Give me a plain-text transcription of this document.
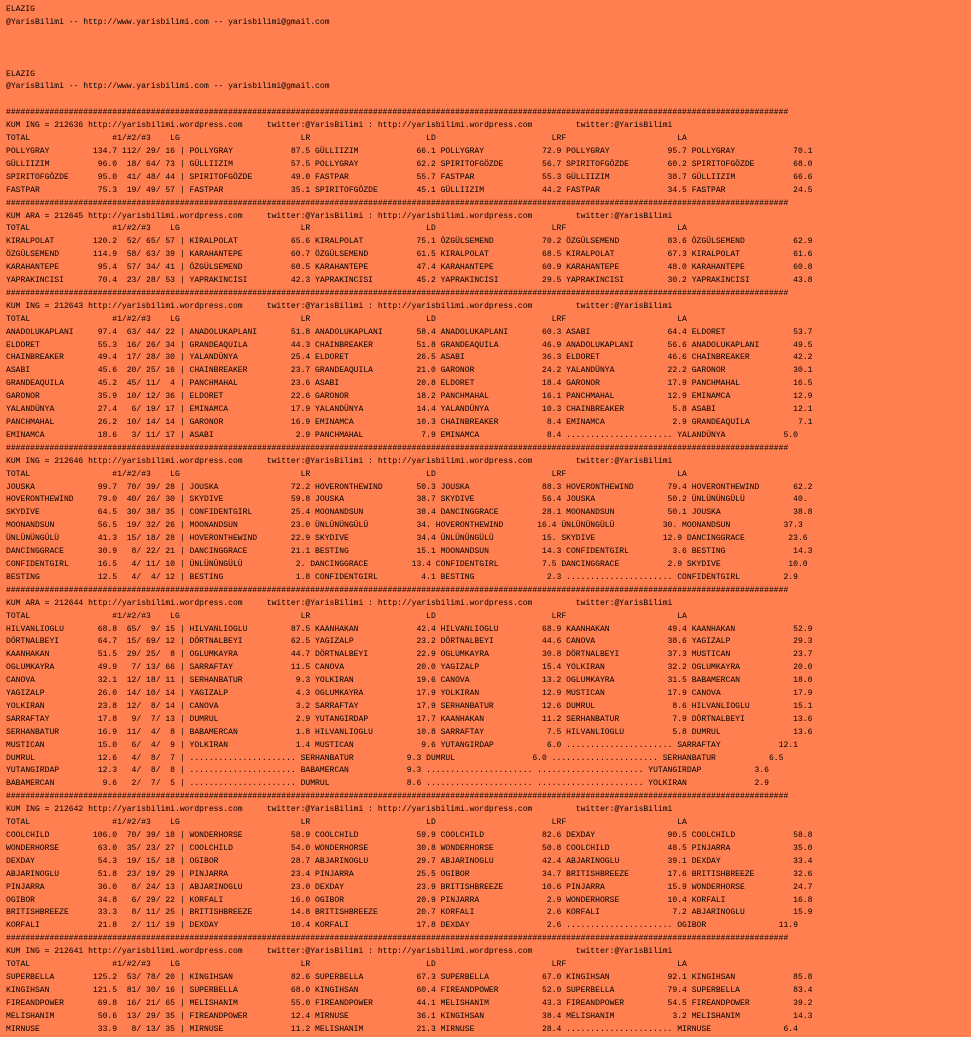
ELAZIG
@YarisBilimi -- http://www.yarisbilimi.com -- yarisbilimi@gmail.com
ELAZIG
@YarisBilimi -- http://www.yarisbilimi.com -- yarisbilimi@gmail.com
##################################################################################################################################################################
KUM ING = 212636 http://yarisbilimi.wordpress.com     twitter:@YarisBilimi : http://yarisbilimi.wordpress.com         twitter:@YarisBilimi
TOTAL                 #1/#2/#3    LG                         LR                        LD                        LRF                       LA
POLLYGRAY         134.7 112/ 29/ 16 | POLLYGRAY            87.5 GÜLLIIZIM            66.1 POLLYGRAY            72.9 POLLYGRAY            95.7 POLLYGRAY            70.1
GÜLLIIZIM          96.0  18/ 64/ 73 | GÜLLIIZIM            57.5 POLLYGRAY            62.2 SPIRITOFGÖZDE        56.7 SPIRITOFGÖZDE        60.2 SPIRITOFGÖZDE        68.0
SPIRITOFGÖZDE      95.0  41/ 48/ 44 | SPIRITOFGÖZDE        49.0 FASTPAR              55.7 FASTPAR              55.3 GÜLLIIZIM            38.7 GÜLLIIZIM            66.6
FASTPAR            75.3  19/ 49/ 57 | FASTPAR              35.1 SPIRITOFGÖZDE        45.1 GÜLLIIZIM            44.2 FASTPAR              34.5 FASTPAR              24.5
##################################################################################################################################################################
KUM ARA = 212645 http://yarisbilimi.wordpress.com     twitter:@YarisBilimi : http://yarisbilimi.wordpress.com         twitter:@YarisBilimi
TOTAL                 #1/#2/#3    LG                         LR                        LD                        LRF                       LA
KIRALPOLAT        120.2  52/ 65/ 57 | KIRALPOLAT           65.6 KIRALPOLAT           75.1 ÖZGÜLSEMEND          70.2 ÖZGÜLSEMEND          83.6 ÖZGÜLSEMEND          62.9
ÖZGÜLSEMEND       114.9  58/ 63/ 39 | KARAHANTEPE          60.7 ÖZGÜLSEMEND          61.5 KIRALPOLAT           68.5 KIRALPOLAT           67.3 KIRALPOLAT           61.6
KARAHANTEPE        95.4  57/ 34/ 41 | ÖZGÜLSEMEND          60.5 KARAHANTEPE          47.4 KARAHANTEPE          60.9 KARAHANTEPE          48.0 KARAHANTEPE          60.8
YAPRAKINCISI       70.4  23/ 28/ 53 | YAPRAKINCISI         42.3 YAPRAKINCISI         45.2 YAPRAKINCISI         29.5 YAPRAKINCISI         30.2 YAPRAKINCISI         43.8
##################################################################################################################################################################
KUM ING = 212643 http://yarisbilimi.wordpress.com     twitter:@YarisBilimi : http://yarisbilimi.wordpress.com         twitter:@YarisBilimi
TOTAL                 #1/#2/#3    LG                         LR                        LD                        LRF                       LA
ANADOLUKAPLANI     97.4  63/ 44/ 22 | ANADOLUKAPLANI       51.8 ANADOLUKAPLANI       58.4 ANADOLUKAPLANI       60.3 ASABI                64.4 ELDORET              53.7
ELDORET            55.3  16/ 26/ 34 | GRANDEAQUILA         44.3 CHAINBREAKER         51.8 GRANDEAQUILA         46.9 ANADOLUKAPLANI       56.6 ANADOLUKAPLANI       49.5
CHAINBREAKER       49.4  17/ 28/ 30 | YALANDÜNYA           25.4 ELDORET              26.5 ASABI                36.3 ELDORET              46.6 CHAINBREAKER         42.2
ASABI              45.6  20/ 25/ 16 | CHAINBREAKER         23.7 GRANDEAQUILA         21.0 GARONOR              24.2 YALANDÜNYA           22.2 GARONOR              30.1
GRANDEAQUILA       45.2  45/ 11/  4 | PANCHMAHAL           23.6 ASABI                20.8 ELDORET              18.4 GARONOR              17.9 PANCHMAHAL           16.5
GARONOR            35.9  10/ 12/ 36 | ELDORET              22.6 GARONOR              18.2 PANCHMAHAL           16.1 PANCHMAHAL           12.9 EMINAMCA             12.9
YALANDÜNYA         27.4   6/ 19/ 17 | EMINAMCA             17.9 YALANDÜNYA           14.4 YALANDÜNYA           10.3 CHAINBREAKER          5.8 ASABI                12.1
PANCHMAHAL         26.2  10/ 14/ 14 | GARONOR              16.9 EMINAMCA             10.3 CHAINBREAKER          8.4 EMINAMCA              2.9 GRANDEAQUILA          7.1
EMINAMCA           18.6   3/ 11/ 17 | ASABI                 2.9 PANCHMAHAL            7.9 EMINAMCA              8.4 ...................... YALANDÜNYA            5.0
##################################################################################################################################################################
KUM ING = 212646 http://yarisbilimi.wordpress.com     twitter:@YarisBilimi : http://yarisbilimi.wordpress.com         twitter:@YarisBilimi
TOTAL                 #1/#2/#3    LG                         LR                        LD                        LRF                       LA
JOUSKA             99.7  70/ 39/ 28 | JOUSKA               72.2 HOVERONTHEWIND       50.3 JOUSKA               88.3 HOVERONTHEWIND       79.4 HOVERONTHEWIND       62.2
HOVERONTHEWIND     79.0  40/ 26/ 30 | SKYDIVE              59.8 JOUSKA               38.7 SKYDIVE              56.4 JOUSKA               50.2 ÜNLÜNÜNGÜLÜ          40.
SKYDIVE            64.5  30/ 38/ 35 | CONFIDENTGIRL        25.4 MOONANDSUN           38.4 DANCINGGRACE         28.1 MOONANDSUN           50.1 JOUSKA               38.8
MOONANDSUN         56.5  19/ 32/ 26 | MOONANDSUN           23.0 ÜNLÜNÜNGÜLÜ          34. HOVERONTHEWIND       16.4 ÜNLÜNÜNGÜLÜ          30. MOONANDSUN           37.3
ÜNLÜNÜNGÜLÜ        41.3  15/ 18/ 28 | HOVERONTHEWIND       22.9 SKYDIVE              34.4 ÜNLÜNÜNGÜLÜ          15. SKYDIVE              12.9 DANCINGGRACE         23.6
DANCINGGRACE       30.9   8/ 22/ 21 | DANCINGGRACE         21.1 BESTING              15.1 MOONANDSUN           14.3 CONFIDENTGIRL         3.6 BESTING              14.3
CONFIDENTGIRL      16.5   4/ 11/ 10 | ÜNLÜNÜNGÜLÜ           2. DANCINGGRACE         13.4 CONFIDENTGIRL         7.5 DANCINGGRACE          2.9 SKYDIVE              10.0
BESTING            12.5   4/  4/ 12 | BESTING               1.8 CONFIDENTGIRL         4.1 BESTING               2.3 ...................... CONFIDENTGIRL         2.9
##################################################################################################################################################################
KUM ARA = 212644 http://yarisbilimi.wordpress.com     twitter:@YarisBilimi : http://yarisbilimi.wordpress.com         twitter:@YarisBilimi
TOTAL                 #1/#2/#3    LG                         LR                        LD                        LRF                       LA
HILVANLIOGLU       68.8  65/  9/ 15 | HILVANLIOGLU         87.5 KAANHAKAN            42.4 HILVANLIOGLU         68.9 KAANHAKAN            49.4 KAANHAKAN            52.9
DÖRTNALBEYI        64.7  15/ 69/ 12 | DÖRTNALBEYI          62.5 YAGIZALP             23.2 DÖRTNALBEYI          44.6 CANOVA               38.6 YAGIZALP             29.3
KAANHAKAN          51.5  29/ 25/  8 | OGLUMKAYRA           44.7 DÖRTNALBEYI          22.9 OGLUMKAYRA           30.8 DÖRTNALBEYI          37.3 MUSTICAN             23.7
OGLUMKAYRA         49.9   7/ 13/ 66 | SARRAFTAY            11.5 CANOVA               20.0 YAGIZALP             15.4 YOLKIRAN             32.2 OGLUMKAYRA           20.0
CANOVA             32.1  12/ 18/ 11 | SERHANBATUR           9.3 YOLKIRAN             19.6 CANOVA               13.2 OGLUMKAYRA           31.5 BABAMERCAN           18.0
YAGIZALP           26.0  14/ 10/ 14 | YAGIZALP              4.3 OGLUMKAYRA           17.9 YOLKIRAN             12.9 MUSTICAN             17.9 CANOVA               17.9
YOLKIRAN           23.8  12/  8/ 14 | CANOVA                3.2 SARRAFTAY            17.9 SERHANBATUR          12.6 DUMRUL                8.6 HILVANLIOGLU         15.1
SARRAFTAY          17.8   9/  7/ 13 | DUMRUL                2.9 YUTANGIRDAP          17.7 KAANHAKAN            11.2 SERHANBATUR           7.9 DÖRTNALBEYI          13.6
SERHANBATUR        16.9  11/  4/  8 | BABAMERCAN            1.8 HILVANLIOGLU         10.8 SARRAFTAY             7.5 HILVANLIOGLU          5.8 DUMRUL               13.6
MUSTICAN           15.0   6/  4/  9 | YOLKIRAN              1.4 MUSTICAN              9.6 YUTANGIRDAP           6.0 ...................... SARRAFTAY            12.1
DUMRUL             12.6   4/  8/  7 | ...................... SERHANBATUR           9.3 DUMRUL                6.0 ...................... SERHANBATUR           6.5
YUTANGIRDAP        12.3   4/  8/  8 | ...................... BABAMERCAN            9.3 ...................... ...................... YUTANGIRDAP           3.6
BABAMERCAN          9.6   2/  7/  5 | ...................... DUMRUL                8.6 ...................... ...................... YOLKIRAN              2.9
##################################################################################################################################################################
KUM ING = 212642 http://yarisbilimi.wordpress.com     twitter:@YarisBilimi : http://yarisbilimi.wordpress.com         twitter:@YarisBilimi
TOTAL                 #1/#2/#3    LG                         LR                        LD                        LRF                       LA
COOLCHILD         106.0  70/ 39/ 18 | WONDERHORSE          58.9 COOLCHILD            59.9 COOLCHILD            82.6 DEXDAY               90.5 COOLCHILD            58.8
WONDERHORSE        63.0  35/ 23/ 27 | COOLCHILD            54.0 WONDERHORSE          30.8 WONDERHORSE          50.8 COOLCHILD            48.5 PINJARRA             35.0
DEXDAY             54.3  19/ 15/ 18 | OGIBOR               28.7 ABJARINOGLU          29.7 ABJARINOGLU          42.4 ABJARINOGLU          39.1 DEXDAY               33.4
ABJARINOGLU        51.8  23/ 19/ 29 | PINJARRA             23.4 PINJARRA             25.5 OGIBOR               34.7 BRITISHBREEZE        17.6 BRITISHBREEZE        32.6
PINJARRA           36.0   8/ 24/ 13 | ABJARINOGLU          23.0 DEXDAY               23.9 BRITISHBREEZE        10.6 PINJARRA             15.9 WONDERHORSE          24.7
OGIBOR             34.8   6/ 29/ 22 | KORFALI              16.0 OGIBOR               20.9 PINJARRA              2.9 WONDERHORSE          10.4 KORFALI              16.8
BRITISHBREEZE      33.3   8/ 11/ 25 | BRITISHBREEZE        14.8 BRITISHBREEZE        20.7 KORFALI               2.6 KORFALI               7.2 ABJARINOGLU          15.9
KORFALI            21.8   2/ 11/ 19 | DEXDAY               10.4 KORFALI              17.8 DEXDAY                2.6 ...................... OGIBOR               11.9
##################################################################################################################################################################
KUM ING = 212641 http://yarisbilimi.wordpress.com     twitter:@YarisBilimi : http://yarisbilimi.wordpress.com         twitter:@YarisBilimi
TOTAL                 #1/#2/#3    LG                         LR                        LD                        LRF                       LA
SUPERBELLA        125.2  53/ 78/ 20 | KINGIHSAN            82.6 SUPERBELLA           67.3 SUPERBELLA           67.0 KINGIHSAN            92.1 KINGIHSAN            85.8
KINGIHSAN         121.5  81/ 30/ 16 | SUPERBELLA           68.0 KINGIHSAN            60.4 FIREANDPOWER         52.0 SUPERBELLA           79.4 SUPERBELLA           83.4
FIREANDPOWER       69.8  16/ 21/ 65 | MELISHANIM           55.0 FIREANDPOWER         44.1 MELISHANIM           43.3 FIREANDPOWER         54.5 FIREANDPOWER         39.2
MELISHANIM         50.6  13/ 29/ 35 | FIREANDPOWER         12.4 MIRNUSE              36.1 KINGIHSAN            38.4 MELISHANIM            3.2 MELISHANIM           14.3
MIRNUSE            33.9   8/ 13/ 35 | MIRNUSE              11.2 MELISHANIM           21.3 MIRNUSE              28.4 ...................... MIRNUSE               6.4
